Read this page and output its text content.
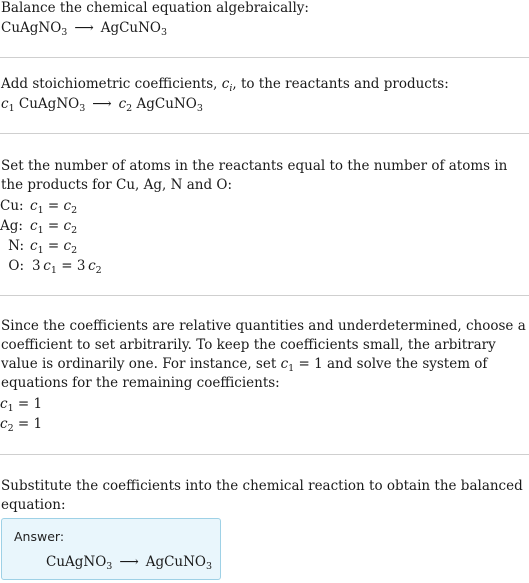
Balance the chemical equation algebraically:
CuAgNO$_3$ ⟶ AgCuNO$_3$
Add stoichiometric coefficients, $c_i$, to the reactants and products:
$c_1$ CuAgNO$_3$ ⟶ $c_2$ AgCuNO$_3$
Set the number of atoms in the reactants equal to the number of atoms in the products for Cu, Ag, N and O:
Cu: $c_1 = c_2$
Ag: $c_1 = c_2$
N: $c_1 = c_2$
O: 3  $c_1 = 3$  $c_2$
Since the coefficients are relative quantities and underdetermined, choose a coefficient to set arbitrarily. To keep the coefficients small, the arbitrary value is ordinarily one. For instance, set $c_1 = 1$ and solve the system of equations for the remaining coefficients:
$c_1 = 1$
$c_2 = 1$
Substitute the coefficients into the chemical reaction to obtain the balanced equation:
Answer:
CuAgNO$_3$ ⟶ AgCuNO$_3$
